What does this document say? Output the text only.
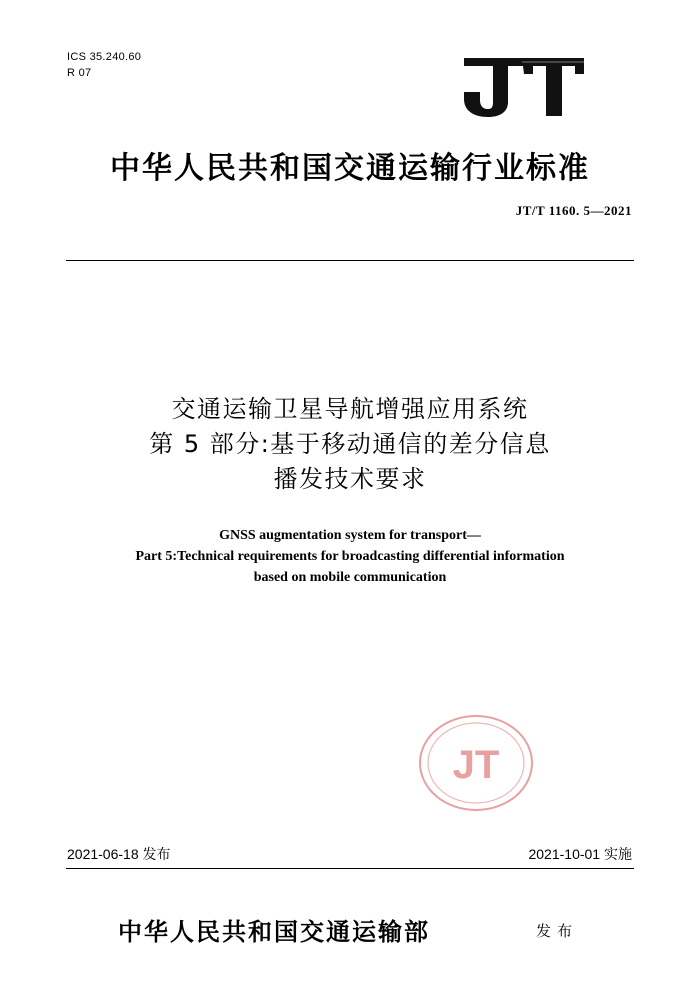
ICS 35.240.60
R 07
中华人民共和国交通运输行业标准
JT/T 1160. 5—2021
交通运输卫星导航增强应用系统
第 5 部分:基于移动通信的差分信息
播发技术要求
GNSS augmentation system for transport—
Part 5:Technical requirements for broadcasting differential information
based on mobile communication
JT
2021-06-18 发布	2021-10-01 实施
中华人民共和国交通运输部	发布
